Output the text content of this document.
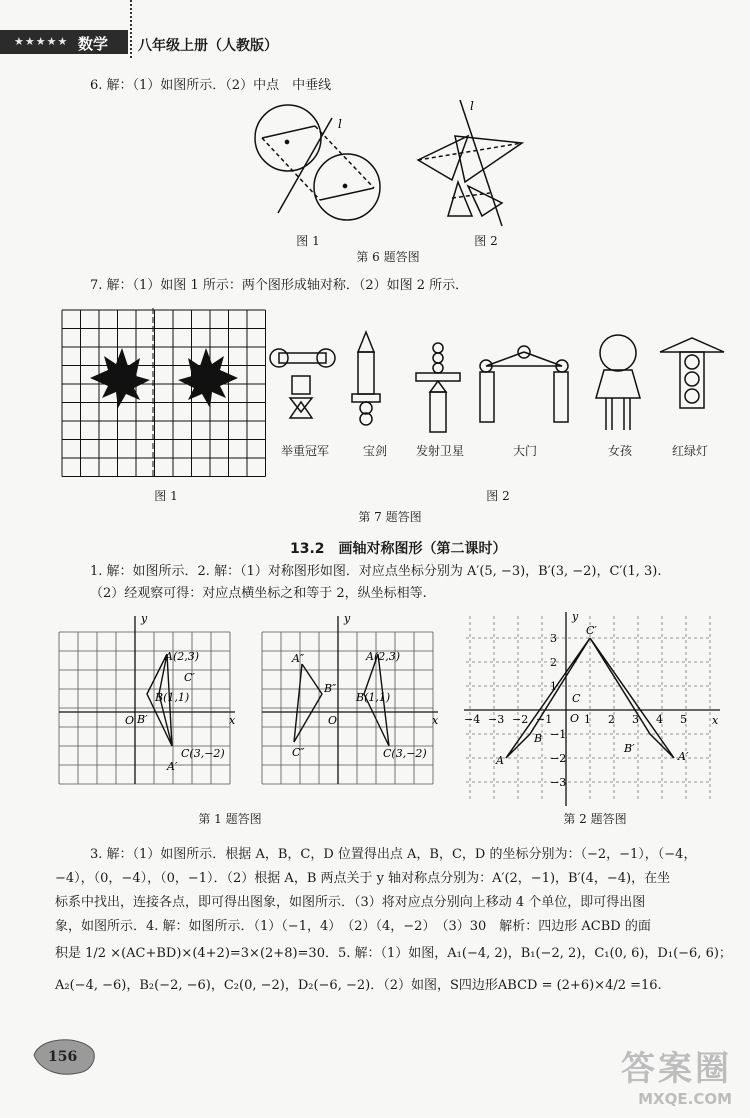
★★★★★ 数学 八年级上册（人教版）
6. 解：（1）如图所示．（2）中点　中垂线
l
l
图 1	图 2
第 6 题答图
7. 解：（1）如图 1 所示：两个图形成轴对称．（2）如图 2 所示．
图 1
举重冠军	宝剑	发射卫星	大门	女孩	红绿灯
图 2
第 7 题答图
13.2　画轴对称图形（第二课时）
1. 解：如图所示．2. 解：（1）对称图形如图．对应点坐标分别为 A′(5, −3)，B′(3, −2)，C′(1, 3).
（2）经观察可得：对应点横坐标之和等于 2，纵坐标相等.
y
x
O
A(2,3)
C′
B(1,1)
B′
C(3,−2)
A′
y
x
O
A(2,3)
B(1,1)
C(3,−2)
A″
B″
C″
−4 −3 −2 −1	1 2 3 4 5
3
2
1
−1
−2
−3
y
x
O
A
B
C
A′
B′
C′
第 1 题答图	第 2 题答图
3. 解：（1）如图所示．根据 A，B，C，D 位置得出点 A，B，C，D 的坐标分别为：（−2，−1），（−4，
−4），（0，−4），（0，−1）．（2）根据 A，B 两点关于 y 轴对称点分别为：A′(2，−1)，B′(4，−4)，在坐
标系中找出，连接各点，即可得出图象，如图所示．（3）将对应点分别向上移动 4 个单位，即可得出图
象，如图所示．4. 解：如图所示．（1）（−1，4）　（2）（4，−2）　（3）30　解析：四边形 ACBD 的面
积是 1/2 ×(AC+BD)×(4+2)=3×(2+8)=30．5. 解：（1）如图，A₁(−4, 2)，B₁(−2, 2)，C₁(0, 6)，D₁(−6, 6)；
A₂(−4, −6)，B₂(−2, −6)，C₂(0, −2)，D₂(−6, −2)．（2）如图，S四边形ABCD = (2+6)×4/2 =16.
156	答案圈
MXQE.COM
